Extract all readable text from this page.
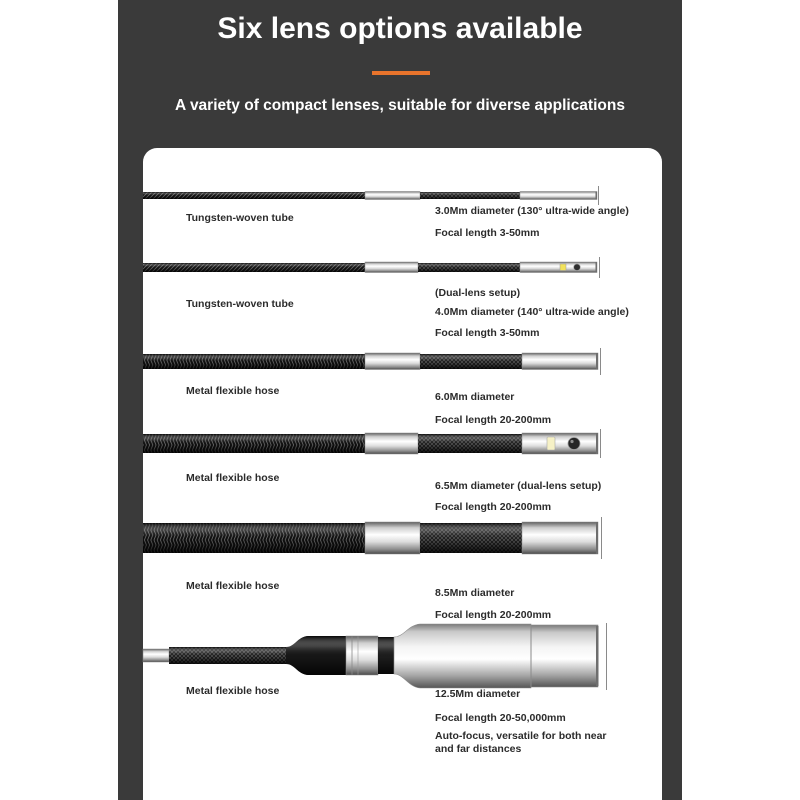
Six lens options available
A variety of compact lenses, suitable for diverse applications
Tungsten-woven tube
3.0Mm diameter (130° ultra-wide angle)
Focal length 3-50mm
Tungsten-woven tube
(Dual-lens setup)
4.0Mm diameter (140° ultra-wide angle)
Focal length 3-50mm
Metal flexible hose	6.0Mm diameter
Focal length 20-200mm
Metal flexible hose
6.5Mm diameter (dual-lens setup)
Focal length 20-200mm
Metal flexible hose
8.5Mm diameter
Focal length 20-200mm
Metal flexible hose	12.5Mm diameter
Focal length 20-50,000mm
Auto-focus, versatile for both near and far distances
